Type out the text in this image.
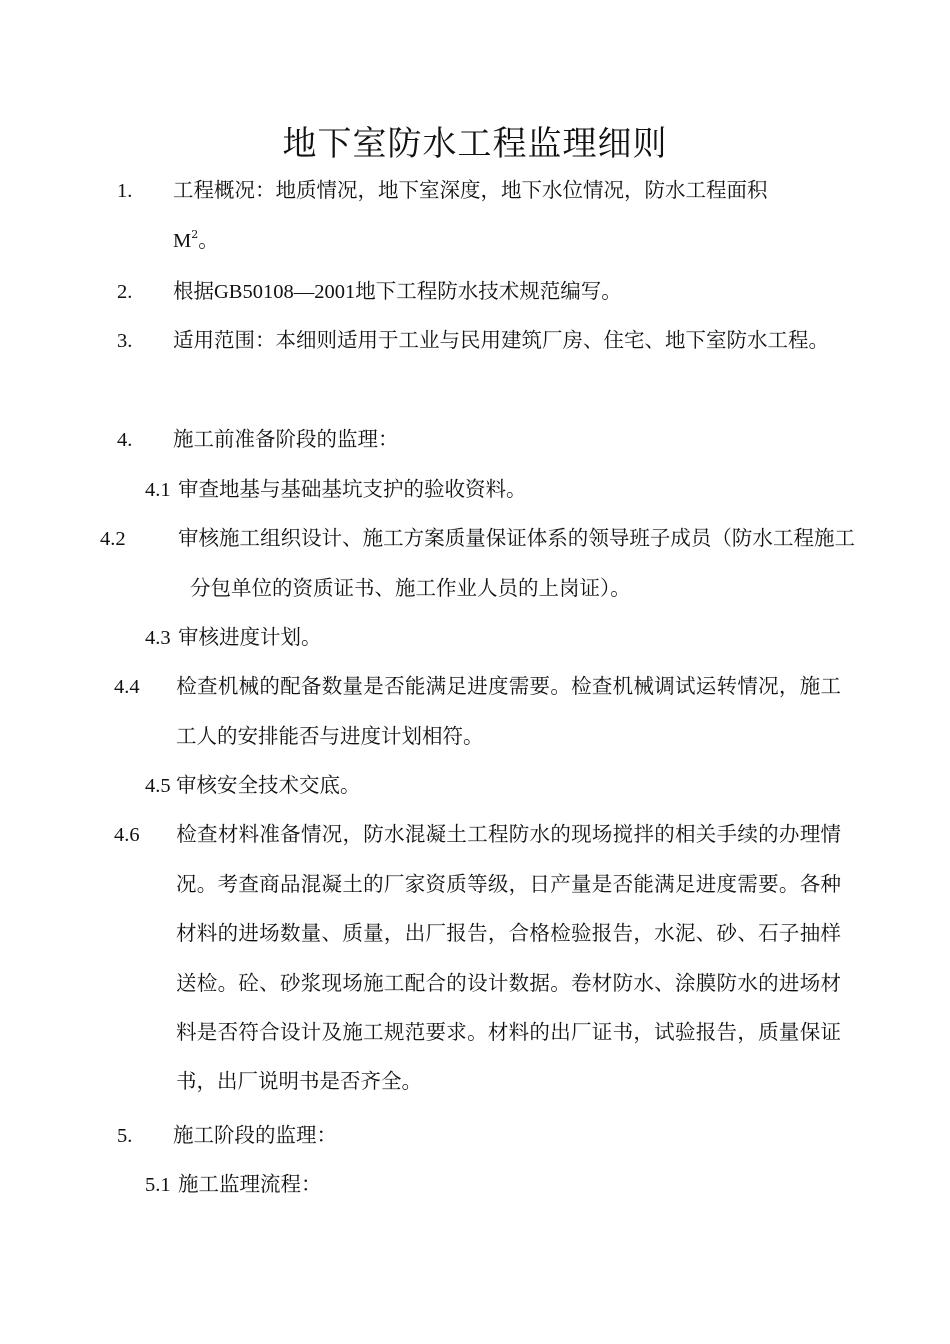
地下室防水工程监理细则
1. 工程概况：地质情况，地下室深度，地下水位情况，防水工程面积
$M^2$。
2. 根据GB50108—2001地下工程防水技术规范编写。
3. 适用范围：本细则适用于工业与民用建筑厂房、住宅、地下室防水工程。
4. 施工前准备阶段的监理：
4.1 审查地基与基础基坑支护的验收资料。
4.2	审核施工组织设计、施工方案质量保证体系的领导班子成员（防水工程施工分包单位的资质证书、施工作业人员的上岗证）。
4.3 审核进度计划。
4.4 检查机械的配备数量是否能满足进度需要。检查机械调试运转情况，施工工人的安排能否与进度计划相符。
4.5 审核安全技术交底。
4.6 检查材料准备情况，防水混凝土工程防水的现场搅拌的相关手续的办理情况。考查商品混凝土的厂家资质等级，日产量是否能满足进度需要。各种材料的进场数量、质量，出厂报告，合格检验报告，水泥、砂、石子抽样送检。砼、砂浆现场施工配合的设计数据。卷材防水、涂膜防水的进场材料是否符合设计及施工规范要求。材料的出厂证书，试验报告，质量保证书，出厂说明书是否齐全。
5. 施工阶段的监理：
5.1 施工监理流程：
